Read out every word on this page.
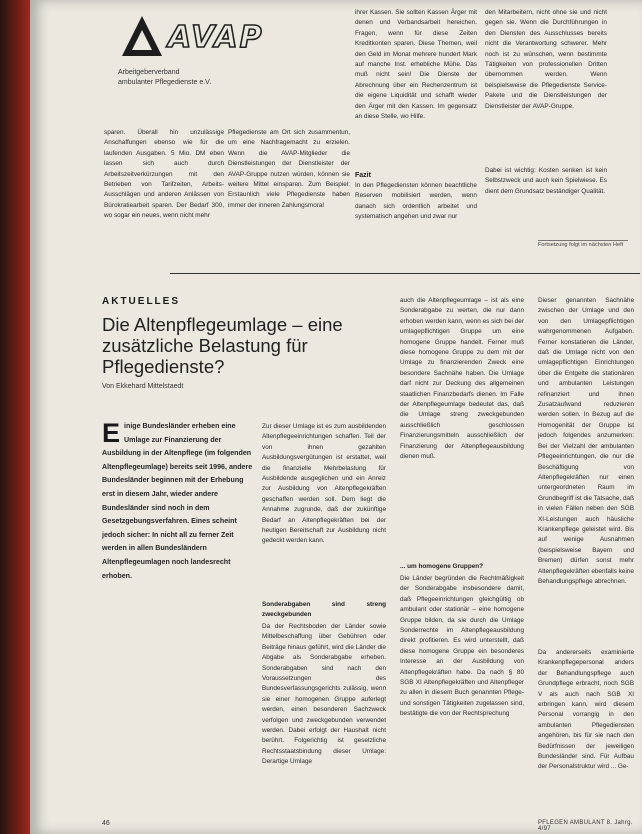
AVAP
Arbeitgeberverband
ambulanter Pflegedienste e.V.
sparen. Überall hin unzulässige Anschaffungen ebenso wie für die laufenden Ausgaben. 5 Mio. DM eben lassen sich auch durch Arbeitszeitverkürzungen mit den Betrieben von Tarifzeiten, Arbeits-Ausschlägen und anderen Anlässen von Bürokratiearbeit sparen. Der Bedarf 300, wo sogar ein neues, wenn nicht mehr
Pflegedienste am Ort sich zusammentun, um eine Nachfragemacht zu erzielen. Wenn die AVAP-Mitglieder die Dienstleistungen der Dienstleister der AVAP-Gruppe nutzen würden, können sie weitere Mittel einsparen. Zum Beispiel: Erstaunlich viele Pflegedienste haben immer der inneren Zahlungsmoral
ihrer Kassen. Sie sollten Kassen Ärger mit denen und Verbandsarbeit hereichen. Fragen, wenn für diese Zeiten Kreditkonten sparen. Diese Themen, weil den Geld im Monat mehrere hundert Mark auf manche Inst. erhebliche Mühe. Das muß nicht sein! Die Dienste der Abrechnung über ein Rechenzentrum ist die eigene Liquidität und schafft wieder den Ärger mit den Kassen. Im gegensatz an diese Stelle, wo Hilfe.
Fazit
In den Pflegediensten können beachtliche Reserven mobilisiert werden, wenn danach sich ordentlich arbeitet und systematisch angehen und zwar nur
den Mitarbeitern, nicht ohne sie und nicht gegen sie. Wenn die Durchführungen in den Diensten des Ausschlusses bereits nicht die Verantwortung schwerer. Mehr noch ist zu wünschen, wenn bestimmte Tätigkeiten von professionellen Dritten übernommen werden. Wenn beispielsweise die Pflegedienste Service-Pakete und die Dienstleistungen der Dienstleister der AVAP-Gruppe.
Dabei ist wichtig: Kosten senken ist kein Selbstzweck und auch kein Spielwiese. Es dient dem Grundsatz beständiger Qualität.
Fortsetzung folgt im nächsten Heft
AKTUELLES
Die Altenpflegeumlage – eine zusätzliche Belastung für Pflegedienste?
Von Ekkehard Mittelstaedt
E inige Bundesländer erheben eine Umlage zur Finanzierung der Ausbildung in der Altenpflege (im folgenden Altenpflegeumlage) bereits seit 1996, andere Bundesländer beginnen mit der Erhebung erst in diesem Jahr, wieder andere Bundesländer sind noch in dem Gesetzgebungsverfahren. Eines scheint jedoch sicher: In nicht all zu ferner Zeit werden in allen Bundesländern Altenpflegeumlagen noch landesrecht erhoben.
Zur dieser Umlage ist es zum ausbildenden Altenpflegeeinrichtungen schaffen. Teil der von ihnen gezahlten Ausbildungsvergütungen ist erstattet, weil die finanzielle Mehrbelastung für Ausbildende ausgeglichen und ein Anreiz zur Ausbildung von Altenpflegekräften geschaffen werden soll. Dem liegt die Annahme zugrunde, daß der zukünftige Bedarf an Altenpflegekräften bei der heutigen Bereitschaft zur Ausbildung nicht gedeckt werden kann.
Sonderabgaben sind streng zweckgebunden
Da der Rechtsboden der Länder sowie Mittelbeschaffung über Gebühren oder Beiträge hinaus geführt, wird die Länder die Abgabe als Sonderabgabe erheben. Sonderabgaben sind nach den Voraussetzungen des Bundesverfassungsgerichts zulässig, wenn sie einer homogenen Gruppe auferlegt werden, einen besonderen Sachzweck verfolgen und zweckgebunden verwendet werden. Dabei erfolgt der Haushalt nicht berührt. Folgerichtig ist gesetzliche Rechtsstaatsbindung dieser Umlage: Derartige Umlage
auch die Altenpflegeumlage – ist als eine Sonderabgabe zu werten, die nur dann erhoben werden kann, wenn es sich bei der umlagepflichtigen Gruppe um eine homogene Gruppe handelt. Ferner muß diese homogene Gruppe zu dem mit der Umlage zu finanzierenden Zweck eine besondere Sachnähe haben. Die Umlage darf nicht zur Deckung des allgemeinen staatlichen Finanzbedarfs dienen. Im Falle der Altenpflegeumlage bedeutet das, daß die Umlage streng zweckgebunden ausschließlich geschlossen Finanzierungsmitteln ausschließlich der Finanzierung der Altenpflegeausbildung dienen muß.
... um homogene Gruppen?
Die Länder begründen die Rechtmäßigkeit der Sonderabgabe insbesondere damit, daß Pflegeeinrichtungen gleichgültig ob ambulant oder stationär – eine homogene Gruppe bilden, da sie durch die Umlage Sonderrechte im Altenpflegeausbildung direkt profitieren. Es wird unterstellt, daß diese homogene Gruppe ein besonderes Interesse an der Ausbildung von Altenpflegekräften habe. Da nach § 80 SGB XI Altenpflegekräften und Altenpfleger zu allen in diesem Buch genannten Pflege- und sonstigen Tätigkeiten zugelassen sind, bestätigte die von der Rechtsprechung
Dieser genannten Sachnähe zwischen der Umlage und den von den Umlagepflichtigen wahrgenommenen Aufgaben. Ferner konstatieren die Länder, daß die Umlage nicht von den umlagepflichtigen Einrichtungen über die Entgelte die stationären und ambulanten Leistungen refinanziert und ihnen Zusatzaufwand reduzieren werden sollen. In Bezug auf die Homogenität der Gruppe ist jedoch folgendes anzumerken: Bei der Vielzahl der ambulanten Pflegeeinrichtungen, die nur die Beschäftigung von Altenpflegekräften nur einen untergeordneten Raum im Grundbegriff ist die Tatsache, daß in vielen Fällen neben den SGB XI-Leistungen auch häusliche Krankenpflege geleistet wird. Bis auf wenige Ausnahmen (beispielsweise Bayern und Bremen) dürfen sonst mehr Altenpflegekräften ebenfalls keine Behandlungspflege abrechnen.
Da andererseits examinierte Krankenpflegepersonal anders der Behandlungspflege auch Grundpflege erbracht, noch SGB V als auch nach SGB XI erbringen kann, wird diesem Personal vorrangig in den ambulanten Pflegediensten angehören, bis für sie nach den Bedürfnissen der jeweiligen Bundesländer sind. Für Aufbau der Personalstruktur wird ... Ge-
46	PFLEGEN AMBULANT 8. Jahrg. 4/97
